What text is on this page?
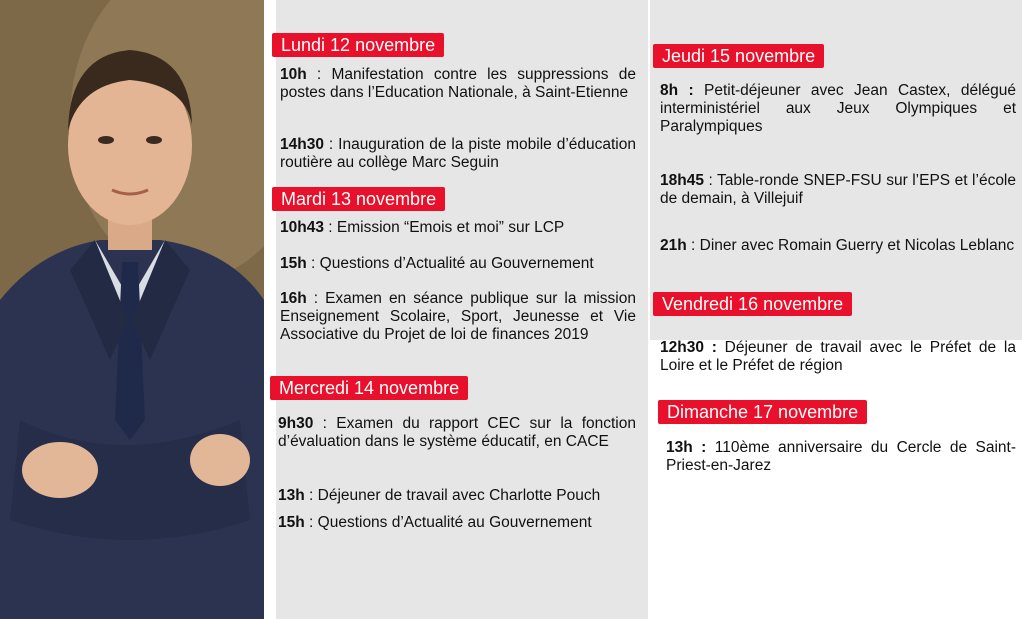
Lundi 12 novembre
10h : Manifestation contre les suppressions de postes dans l’Education Nationale, à Saint-Etienne
14h30 : Inauguration de la piste mobile d’éducation routière au collège Marc Seguin
Mardi 13 novembre
10h43 : Emission “Emois et moi” sur LCP
15h : Questions d’Actualité au Gouvernement
16h : Examen en séance publique sur la mission Enseignement Scolaire, Sport, Jeunesse et Vie Associative du Projet de loi de finances 2019
Mercredi 14 novembre
9h30 : Examen du rapport CEC sur la fonction d’évaluation dans le système éducatif, en CACE
13h : Déjeuner de travail avec Charlotte Pouch
15h : Questions d’Actualité au Gouvernement
Jeudi 15 novembre
8h : Petit-déjeuner avec Jean Castex, délégué interministériel aux Jeux Olympiques et Paralympiques
18h45 : Table-ronde SNEP-FSU sur l’EPS et l’école de demain, à Villejuif
21h : Diner avec Romain Guerry et Nicolas Leblanc
Vendredi 16 novembre
12h30 : Déjeuner de travail avec le Préfet de la Loire et le Préfet de région
Dimanche 17 novembre
13h : 110ème anniversaire du Cercle de Saint-Priest-en-Jarez
